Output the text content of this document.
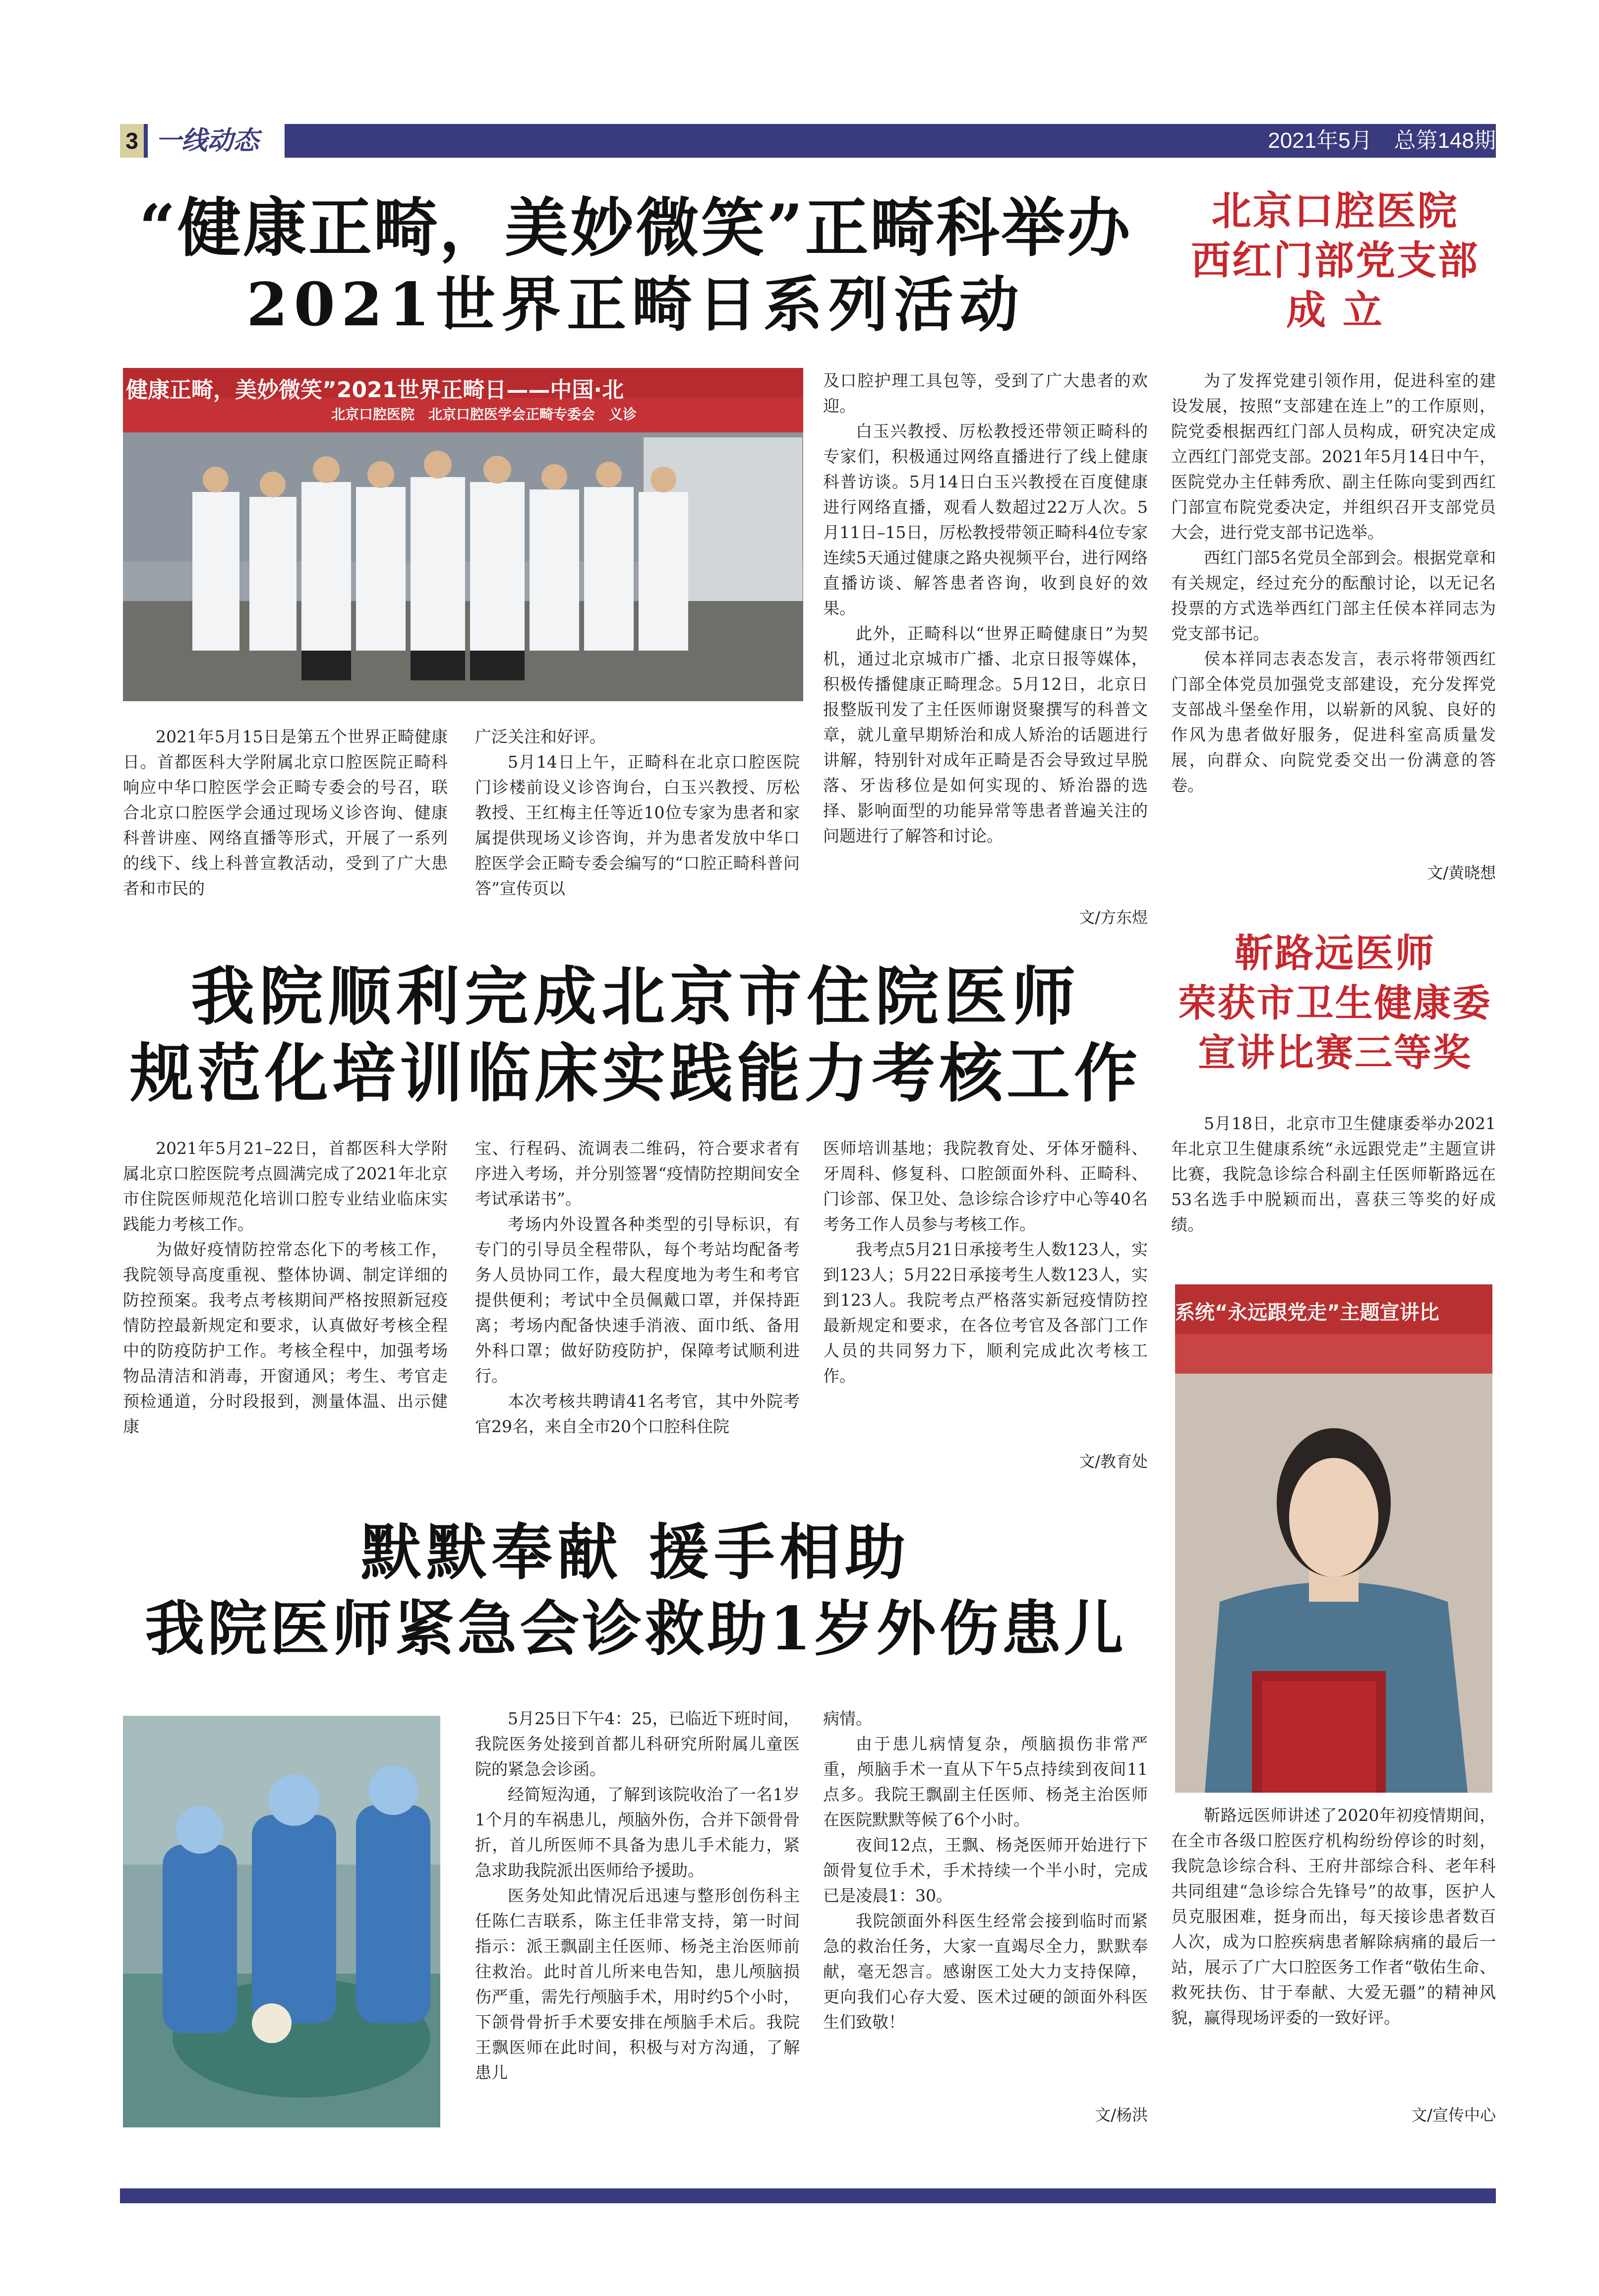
3 一线动态	2021年5月　总第148期
“健康正畸，美妙微笑”正畸科举办
2021世界正畸日系列活动
健康正畸，美妙微笑”2021世界正畸日——中国·北
北京口腔医院　北京口腔医学会正畸专委会　义诊

2021年5月15日是第五个世界正畸健康日。首都医科大学附属北京口腔医院正畸科响应中华口腔医学会正畸专委会的号召，联合北京口腔医学会通过现场义诊咨询、健康科普讲座、网络直播等形式，开展了一系列的线下、线上科普宣教活动，受到了广大患者和市民的

广泛关注和好评。

5月14日上午，正畸科在北京口腔医院门诊楼前设义诊咨询台，白玉兴教授、厉松教授、王红梅主任等近10位专家为患者和家属提供现场义诊咨询，并为患者发放中华口腔医学会正畸专委会编写的“口腔正畸科普问答”宣传页以

及口腔护理工具包等，受到了广大患者的欢迎。

白玉兴教授、厉松教授还带领正畸科的专家们，积极通过网络直播进行了线上健康科普访谈。5月14日白玉兴教授在百度健康进行网络直播，观看人数超过22万人次。5月11日–15日，厉松教授带领正畸科4位专家连续5天通过健康之路央视频平台，进行网络直播访谈、解答患者咨询，收到良好的效果。

此外，正畸科以“世界正畸健康日”为契机，通过北京城市广播、北京日报等媒体，积极传播健康正畸理念。5月12日，北京日报整版刊发了主任医师谢贤聚撰写的科普文章，就儿童早期矫治和成人矫治的话题进行讲解，特别针对成年正畸是否会导致过早脱落、牙齿移位是如何实现的、矫治器的选择、影响面型的功能异常等患者普遍关注的问题进行了解答和讨论。

文/方东煜
我院顺利完成北京市住院医师
规范化培训临床实践能力考核工作

2021年5月21–22日，首都医科大学附属北京口腔医院考点圆满完成了2021年北京市住院医师规范化培训口腔专业结业临床实践能力考核工作。

为做好疫情防控常态化下的考核工作，我院领导高度重视、整体协调、制定详细的防控预案。我考点考核期间严格按照新冠疫情防控最新规定和要求，认真做好考核全程中的防疫防护工作。考核全程中，加强考场物品清洁和消毒，开窗通风；考生、考官走预检通道，分时段报到，测量体温、出示健康

宝、行程码、流调表二维码，符合要求者有序进入考场，并分别签署“疫情防控期间安全考试承诺书”。

考场内外设置各种类型的引导标识，有专门的引导员全程带队，每个考站均配备考务人员协同工作，最大程度地为考生和考官提供便利；考试中全员佩戴口罩，并保持距离；考场内配备快速手消液、面巾纸、备用外科口罩；做好防疫防护，保障考试顺利进行。

本次考核共聘请41名考官，其中外院考官29名，来自全市20个口腔科住院

医师培训基地；我院教育处、牙体牙髓科、牙周科、修复科、口腔颌面外科、正畸科、门诊部、保卫处、急诊综合诊疗中心等40名考务工作人员参与考核工作。

我考点5月21日承接考生人数123人，实到123人；5月22日承接考生人数123人，实到123人。我院考点严格落实新冠疫情防控最新规定和要求，在各位考官及各部门工作人员的共同努力下，顺利完成此次考核工作。

文/教育处
默默奉献 援手相助
我院医师紧急会诊救助1岁外伤患儿

5月25日下午4：25，已临近下班时间，我院医务处接到首都儿科研究所附属儿童医院的紧急会诊函。

经简短沟通，了解到该院收治了一名1岁1个月的车祸患儿，颅脑外伤，合并下颌骨骨折，首儿所医师不具备为患儿手术能力，紧急求助我院派出医师给予援助。

医务处知此情况后迅速与整形创伤科主任陈仁吉联系，陈主任非常支持，第一时间指示：派王飘副主任医师、杨尧主治医师前往救治。此时首儿所来电告知，患儿颅脑损伤严重，需先行颅脑手术，用时约5个小时，下颌骨骨折手术要安排在颅脑手术后。我院王飘医师在此时间，积极与对方沟通，了解患儿

病情。

由于患儿病情复杂，颅脑损伤非常严重，颅脑手术一直从下午5点持续到夜间11点多。我院王飘副主任医师、杨尧主治医师在医院默默等候了6个小时。

夜间12点，王飘、杨尧医师开始进行下颌骨复位手术，手术持续一个半小时，完成已是凌晨1：30。

我院颌面外科医生经常会接到临时而紧急的救治任务，大家一直竭尽全力，默默奉献，毫无怨言。感谢医工处大力支持保障，更向我们心存大爱、医术过硬的颌面外科医生们致敬！

文/杨洪
北京口腔医院
西红门部党支部
成 立

为了发挥党建引领作用，促进科室的建设发展，按照“支部建在连上”的工作原则，院党委根据西红门部人员构成，研究决定成立西红门部党支部。2021年5月14日中午，医院党办主任韩秀欣、副主任陈向雯到西红门部宣布院党委决定，并组织召开支部党员大会，进行党支部书记选举。

西红门部5名党员全部到会。根据党章和有关规定，经过充分的酝酿讨论，以无记名投票的方式选举西红门部主任侯本祥同志为党支部书记。

侯本祥同志表态发言，表示将带领西红门部全体党员加强党支部建设，充分发挥党支部战斗堡垒作用，以崭新的风貌、良好的作风为患者做好服务，促进科室高质量发展，向群众、向院党委交出一份满意的答卷。

文/黄晓想
靳路远医师
荣获市卫生健康委
宣讲比赛三等奖

5月18日，北京市卫生健康委举办2021年北京卫生健康系统“永远跟党走”主题宣讲比赛，我院急诊综合科副主任医师靳路远在53名选手中脱颖而出，喜获三等奖的好成绩。

系统“永远跟党走”主题宣讲比

靳路远医师讲述了2020年初疫情期间，在全市各级口腔医疗机构纷纷停诊的时刻，我院急诊综合科、王府井部综合科、老年科共同组建“急诊综合先锋号”的故事，医护人员克服困难，挺身而出，每天接诊患者数百人次，成为口腔疾病患者解除病痛的最后一站，展示了广大口腔医务工作者“敬佑生命、救死扶伤、甘于奉献、大爱无疆”的精神风貌，赢得现场评委的一致好评。

文/宣传中心
